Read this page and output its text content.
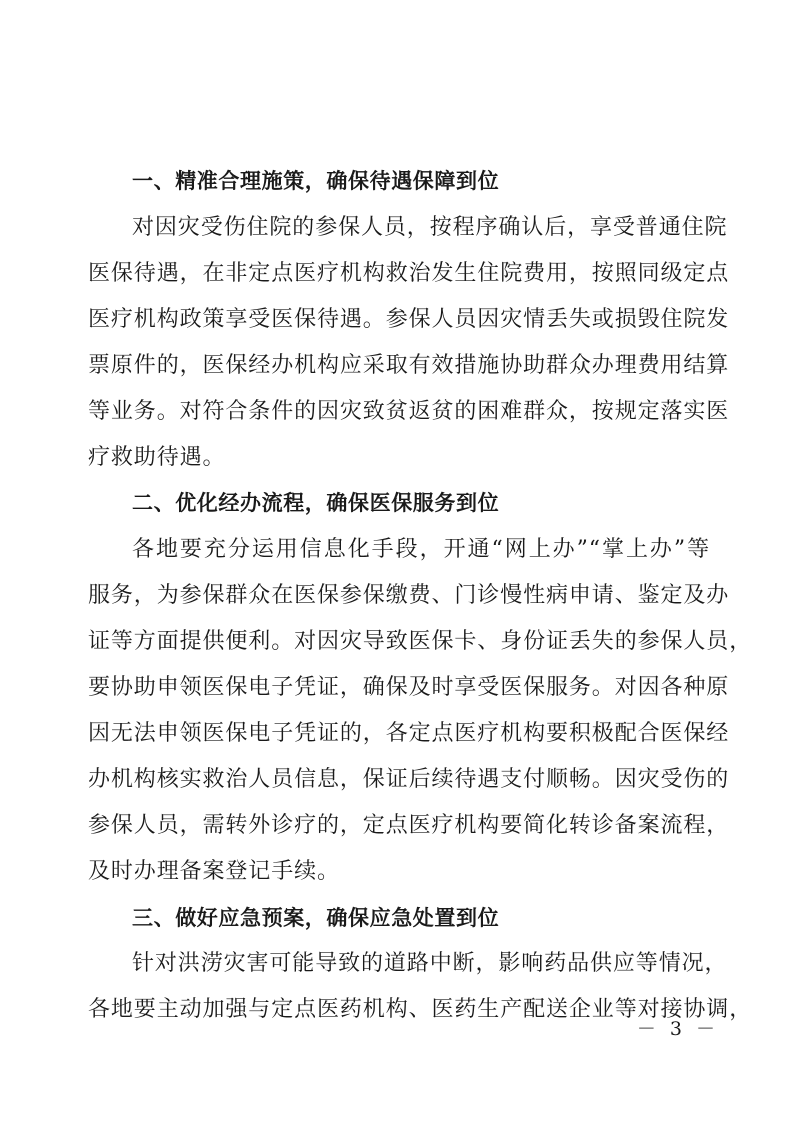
一、精准合理施策，确保待遇保障到位
对因灾受伤住院的参保人员，按程序确认后，享受普通住院
医保待遇，在非定点医疗机构救治发生住院费用，按照同级定点
医疗机构政策享受医保待遇。参保人员因灾情丢失或损毁住院发
票原件的，医保经办机构应采取有效措施协助群众办理费用结算
等业务。对符合条件的因灾致贫返贫的困难群众，按规定落实医
疗救助待遇。
二、优化经办流程，确保医保服务到位
各地要充分运用信息化手段，开通“网上办”“掌上办”等
服务，为参保群众在医保参保缴费、门诊慢性病申请、鉴定及办
证等方面提供便利。对因灾导致医保卡、身份证丢失的参保人员，
要协助申领医保电子凭证，确保及时享受医保服务。对因各种原
因无法申领医保电子凭证的，各定点医疗机构要积极配合医保经
办机构核实救治人员信息，保证后续待遇支付顺畅。因灾受伤的
参保人员，需转外诊疗的，定点医疗机构要简化转诊备案流程，
及时办理备案登记手续。
三、做好应急预案，确保应急处置到位
针对洪涝灾害可能导致的道路中断，影响药品供应等情况，
各地要主动加强与定点医药机构、医药生产配送企业等对接协调，
－ 3 －
